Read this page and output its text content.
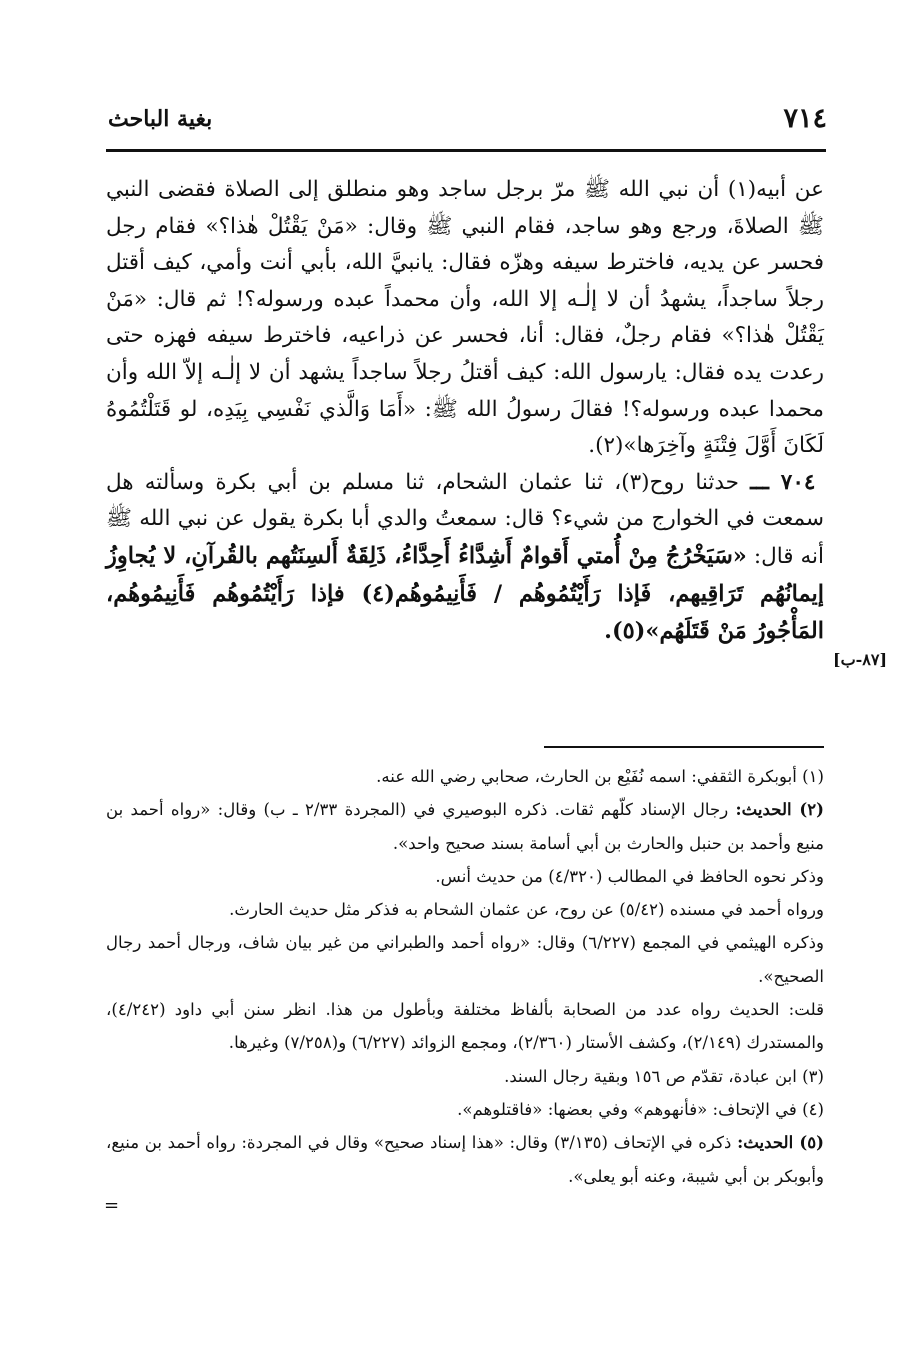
بغية الباحث	٧١٤

عن أبيه(١) أن نبي الله ﷺ مرّ برجل ساجد وهو منطلق إلى الصلاة فقضى النبي ﷺ الصلاةَ، ورجع وهو ساجد، فقام النبي ﷺ وقال: «مَنْ يَقْتُلْ هٰذا؟» فقام رجل فحسر عن يديه، فاخترط سيفه وهزّه فقال: يانبيَّ الله، بأبي أنت وأمي، كيف أقتل رجلاً ساجداً، يشهدُ أن لا إلٰـه إلا الله، وأن محمداً عبده ورسوله؟! ثم قال: «مَنْ يَقْتُلْ هٰذا؟» فقام رجلٌ، فقال: أنا، فحسر عن ذراعيه، فاخترط سيفه فهزه حتى رعدت يده فقال: يارسول الله: كيف أقتلُ رجلاً ساجداً يشهد أن لا إلٰـه إلاّ الله وأن محمدا عبده ورسوله؟! فقالَ رسولُ الله ﷺ: «أَمَا وَالَّذي نَفْسِي بِيَدِه، لو قَتَلْتُمُوهُ لَكَانَ أَوَّلَ فِتْنَةٍ وآخِرَها»(٢).

٧٠٤ ـــ حدثنا روح(٣)، ثنا عثمان الشحام، ثنا مسلم بن أبي بكرة وسألته هل سمعت في الخوارج من شيء؟ قال: سمعتُ والدي أبا بكرة يقول عن نبي الله ﷺ أنه قال: «سَيَخْرُجُ مِنْ أُمتي أَقوامٌ أَشِدَّاءُ أَحِدَّاءُ، ذَلِقَةٌ أَلسِنَتُهم بالقُرآنِ، لا يُجاوِزُ إيمانُهُم تَرَاقِيهم، فَإذا رَأَيْتُمُوهُم / فَأَنِيمُوهُم(٤) فإذا رَأَيْتُمُوهُم فَأَنِيمُوهُم، المَأْجُورُ مَنْ قَتَلَهُم»(٥).

[٨٧-ب]

(١) أبوبكرة الثقفي: اسمه نُفَيْع بن الحارث، صحابي رضي الله عنه.

(٢) الحديث: رجال الإسناد كلّهم ثقات. ذكره البوصيري في (المجردة ٢/٣٣ ـ ب) وقال: «رواه أحمد بن منيع وأحمد بن حنبل والحارث بن أبي أسامة بسند صحيح واحد».

وذكر نحوه الحافظ في المطالب (٤/٣٢٠) من حديث أنس.

ورواه أحمد في مسنده (٥/٤٢) عن روح، عن عثمان الشحام به فذكر مثل حديث الحارث.

وذكره الهيثمي في المجمع (٦/٢٢٧) وقال: «رواه أحمد والطبراني من غير بيان شاف، ورجال أحمد رجال الصحيح».

قلت: الحديث رواه عدد من الصحابة بألفاظ مختلفة وبأطول من هذا. انظر سنن أبي داود (٤/٢٤٢)، والمستدرك (٢/١٤٩)، وكشف الأستار (٢/٣٦٠)، ومجمع الزوائد (٦/٢٢٧) و(٧/٢٥٨) وغيرها.

(٣) ابن عبادة، تقدّم ص ١٥٦ وبقية رجال السند.

(٤) في الإتحاف: «فأنهوهم» وفي بعضها: «فاقتلوهم».

(٥) الحديث: ذكره في الإتحاف (٣/١٣٥) وقال: «هذا إسناد صحيح» وقال في المجردة: رواه أحمد بن منيع، وأبوبكر بن أبي شيبة، وعنه أبو يعلى».

=
